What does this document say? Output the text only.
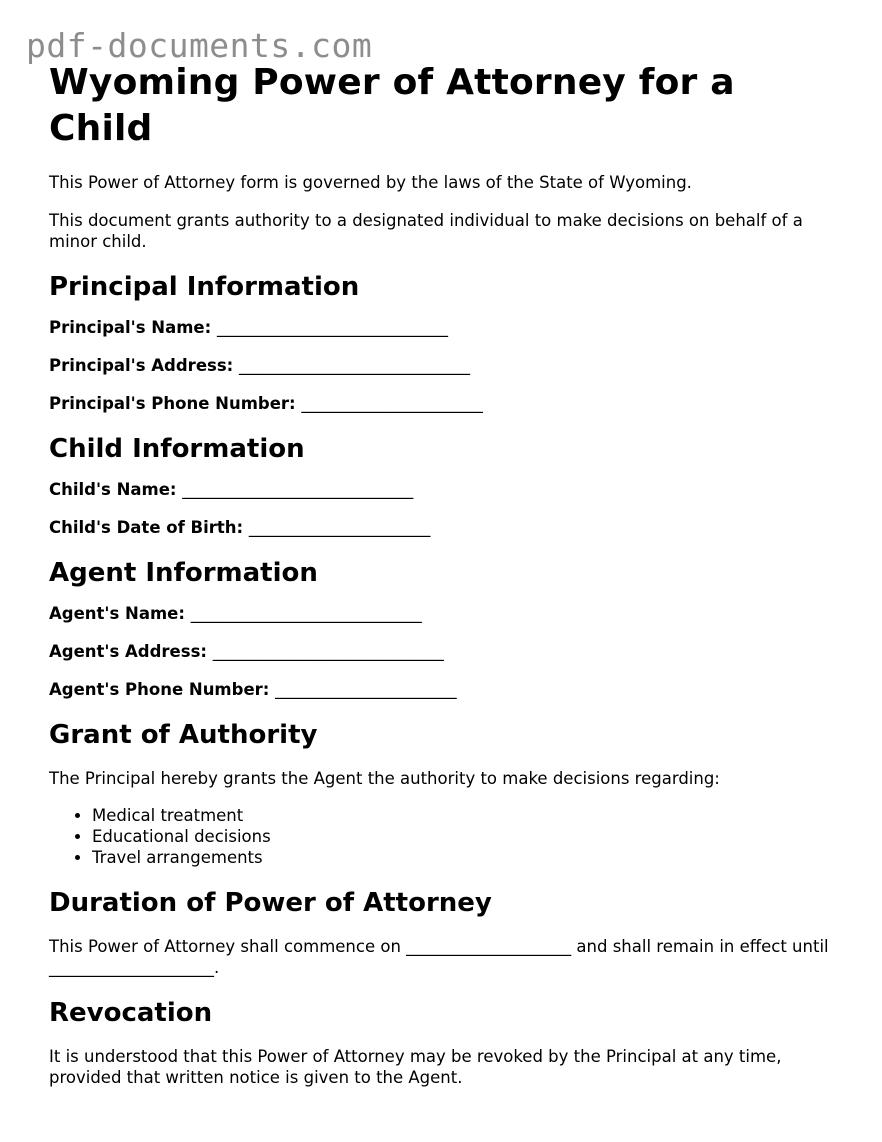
pdf-documents.com
Wyoming Power of Attorney for a Child

This Power of Attorney form is governed by the laws of the State of Wyoming.

This document grants authority to a designated individual to make decisions on behalf of a minor child.

Principal Information
Principal's Name: ____________________________
Principal's Address: ____________________________
Principal's Phone Number: ______________________
Child Information
Child's Name: ____________________________
Child's Date of Birth: ______________________
Agent Information
Agent's Name: ____________________________
Agent's Address: ____________________________
Agent's Phone Number: ______________________
Grant of Authority

The Principal hereby grants the Agent the authority to make decisions regarding:

• Medical treatment
• Educational decisions
• Travel arrangements
Duration of Power of Attorney

This Power of Attorney shall commence on ____________________ and shall remain in effect until ____________________.

Revocation

It is understood that this Power of Attorney may be revoked by the Principal at any time, provided that written notice is given to the Agent.
